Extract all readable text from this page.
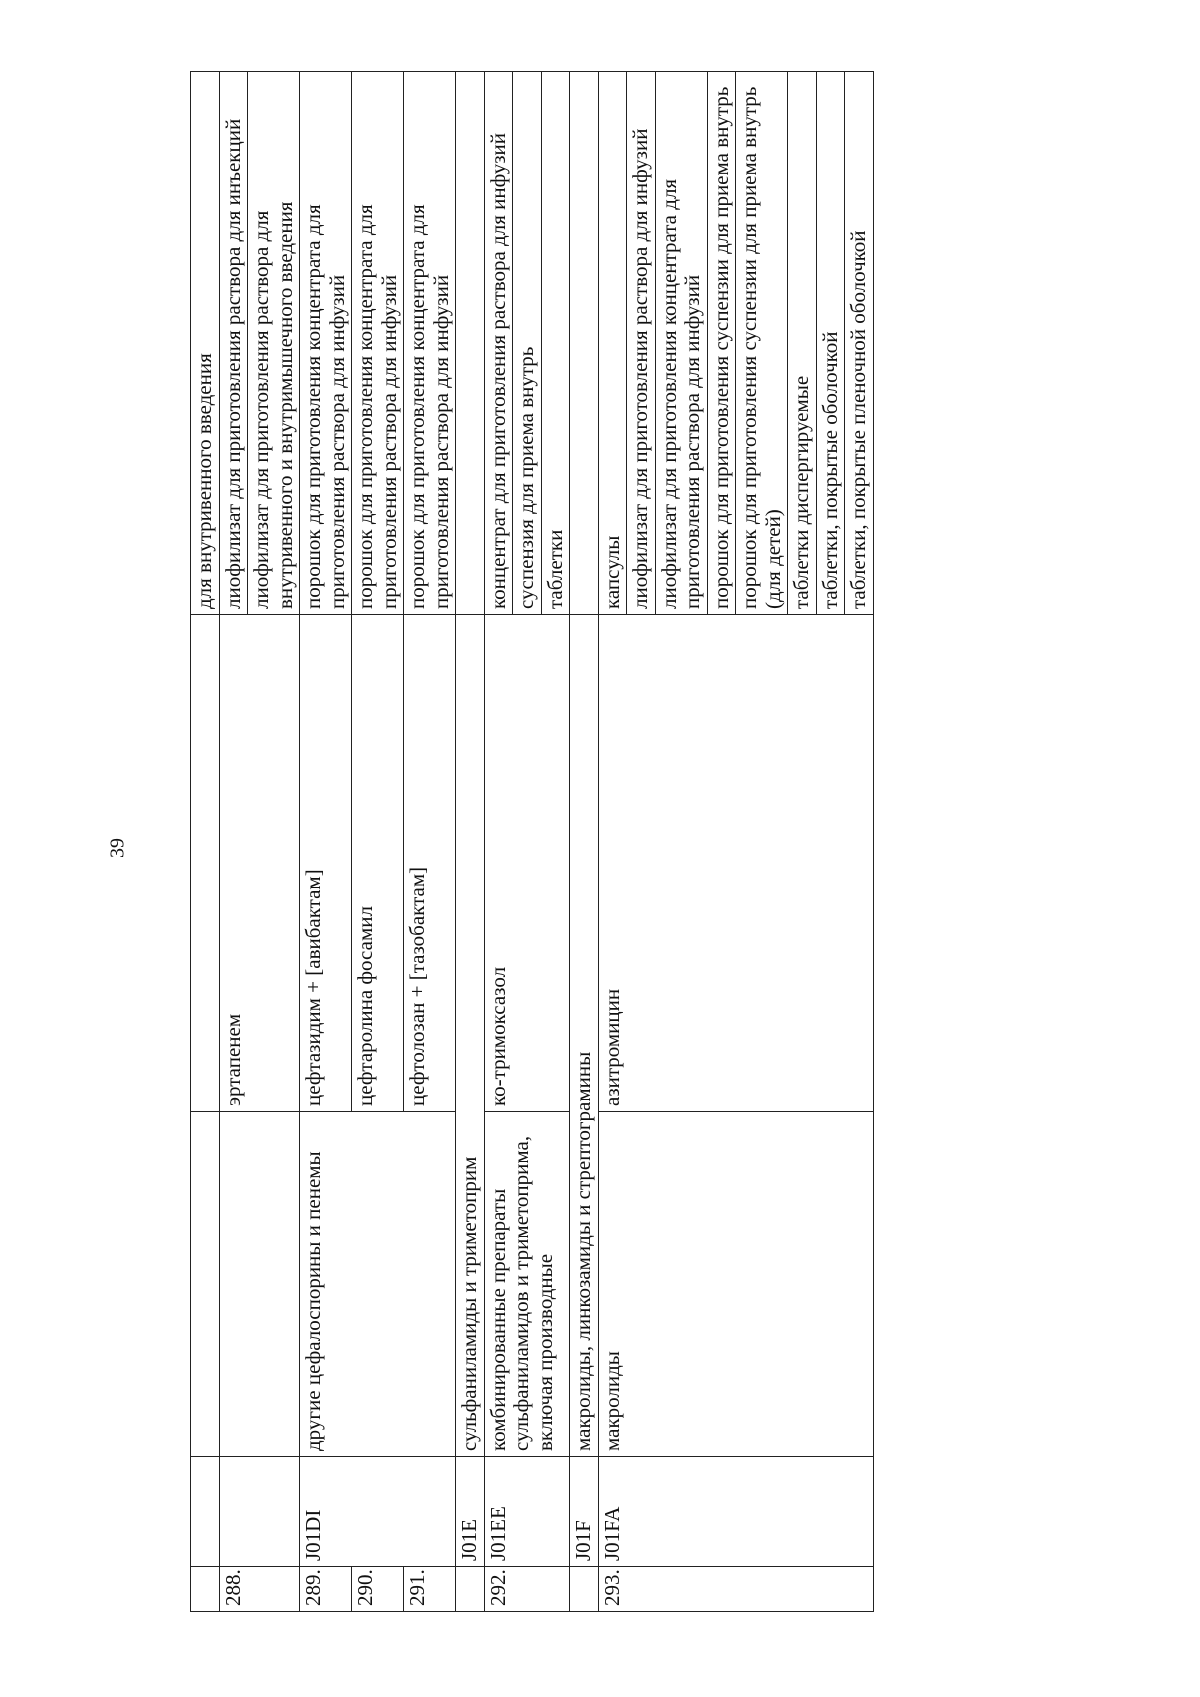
39
				для внутривенного введения
288.			эртапенем	лиофилизат для приготовления раствора для инъекций
				лиофилизат для приготовления раствора для внутривенного и внутримышечного введения
289.	J01DI	другие цефалоспорины и пенемы	цефтазидим + [авибактам]	порошок для приготовления концентрата для приготовления раствора для инфузий
290.			цефтаролина фосамил	порошок для приготовления концентрата для приготовления раствора для инфузий
291.			цефтолозан + [тазобактам]	порошок для приготовления концентрата для приготовления раствора для инфузий
	J01E	сульфаниламиды и триметоприм		
292.	J01EE	комбинированные препараты сульфаниламидов и триметоприма, включая производные	ко-тримоксазол	концентрат для приготовления раствора для инфузий
				суспензия для приема внутрь
				таблетки
	J01F	макролиды, линкозамиды и стрептограмины		
293.	J01FA	макролиды	азитромицин	капсулы
				лиофилизат для приготовления раствора для инфузий
				лиофилизат для приготовления концентрата для приготовления раствора для инфузий
				порошок для приготовления суспензии для приема внутрь
				порошок для приготовления суспензии для приема внутрь (для детей)
				таблетки диспергируемые
				таблетки, покрытые оболочкой
				таблетки, покрытые пленочной оболочкой
